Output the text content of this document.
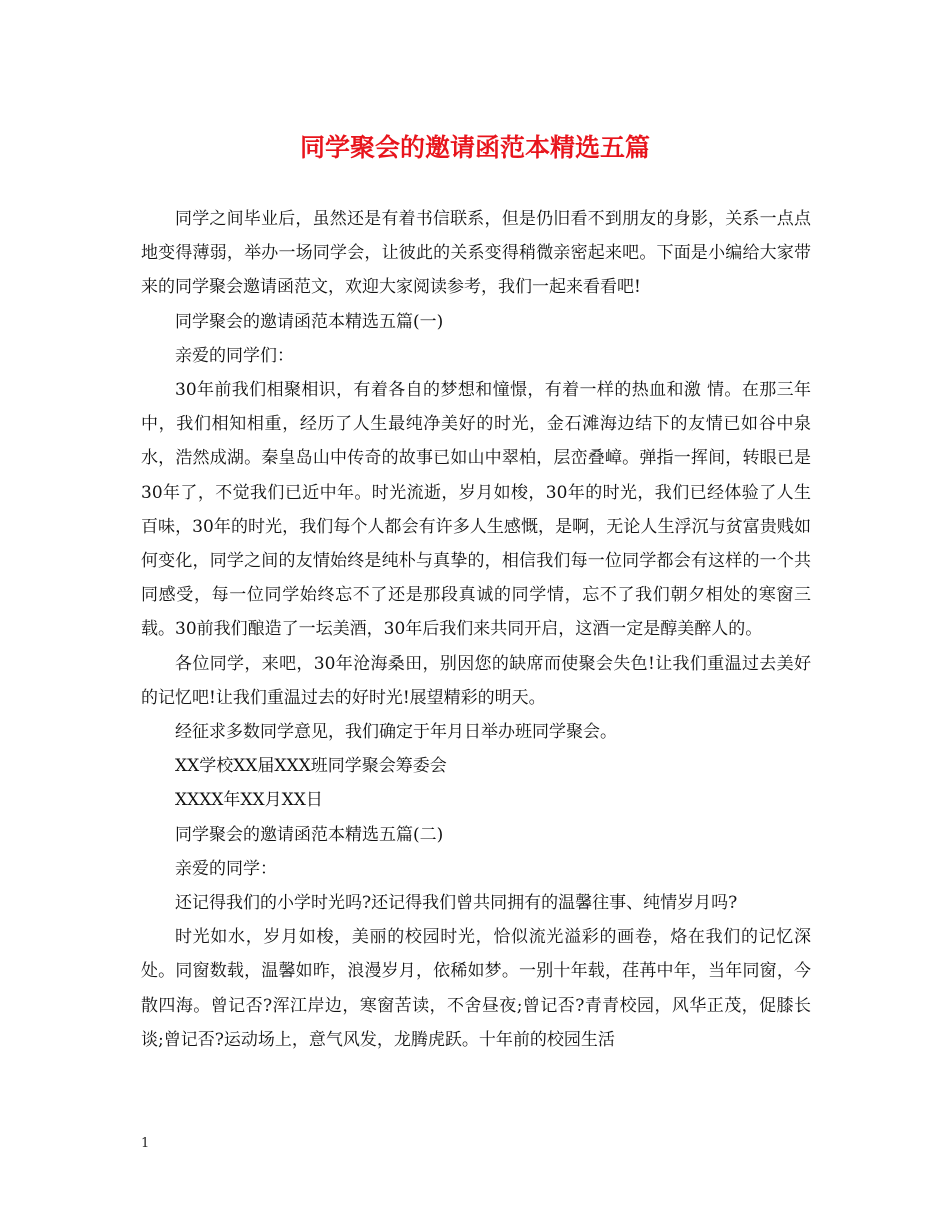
同学聚会的邀请函范本精选五篇

同学之间毕业后，虽然还是有着书信联系，但是仍旧看不到朋友的身影，关系一点点地变得薄弱，举办一场同学会，让彼此的关系变得稍微亲密起来吧。下面是小编给大家带来的同学聚会邀请函范文，欢迎大家阅读参考，我们一起来看看吧!

同学聚会的邀请函范本精选五篇(一)

亲爱的同学们：

30年前我们相聚相识，有着各自的梦想和憧憬，有着一样的热血和激 情。在那三年中，我们相知相重，经历了人生最纯净美好的时光，金石滩海边结下的友情已如谷中泉水，浩然成湖。秦皇岛山中传奇的故事已如山中翠柏，层峦叠嶂。弹指一挥间，转眼已是30年了，不觉我们已近中年。时光流逝，岁月如梭，30年的时光，我们已经体验了人生百味，30年的时光，我们每个人都会有许多人生感慨，是啊，无论人生浮沉与贫富贵贱如何变化，同学之间的友情始终是纯朴与真挚的，相信我们每一位同学都会有这样的一个共同感受，每一位同学始终忘不了还是那段真诚的同学情，忘不了我们朝夕相处的寒窗三载。30前我们酿造了一坛美酒，30年后我们来共同开启，这酒一定是醇美醉人的。

各位同学，来吧，30年沧海桑田，别因您的缺席而使聚会失色!让我们重温过去美好的记忆吧!让我们重温过去的好时光!展望精彩的明天。

经征求多数同学意见，我们确定于年月日举办班同学聚会。

XX学校XX届XXX班同学聚会筹委会

XXXX年XX月XX日

同学聚会的邀请函范本精选五篇(二)

亲爱的同学：

还记得我们的小学时光吗?还记得我们曾共同拥有的温馨往事、纯情岁月吗?

时光如水，岁月如梭，美丽的校园时光，恰似流光溢彩的画卷，烙在我们的记忆深处。同窗数载，温馨如昨，浪漫岁月，依稀如梦。一别十年载，荏苒中年，当年同窗，今散四海。曾记否?浑江岸边，寒窗苦读，不舍昼夜;曾记否?青青校园，风华正茂，促膝长谈;曾记否?运动场上，意气风发，龙腾虎跃。十年前的校园生活

1
